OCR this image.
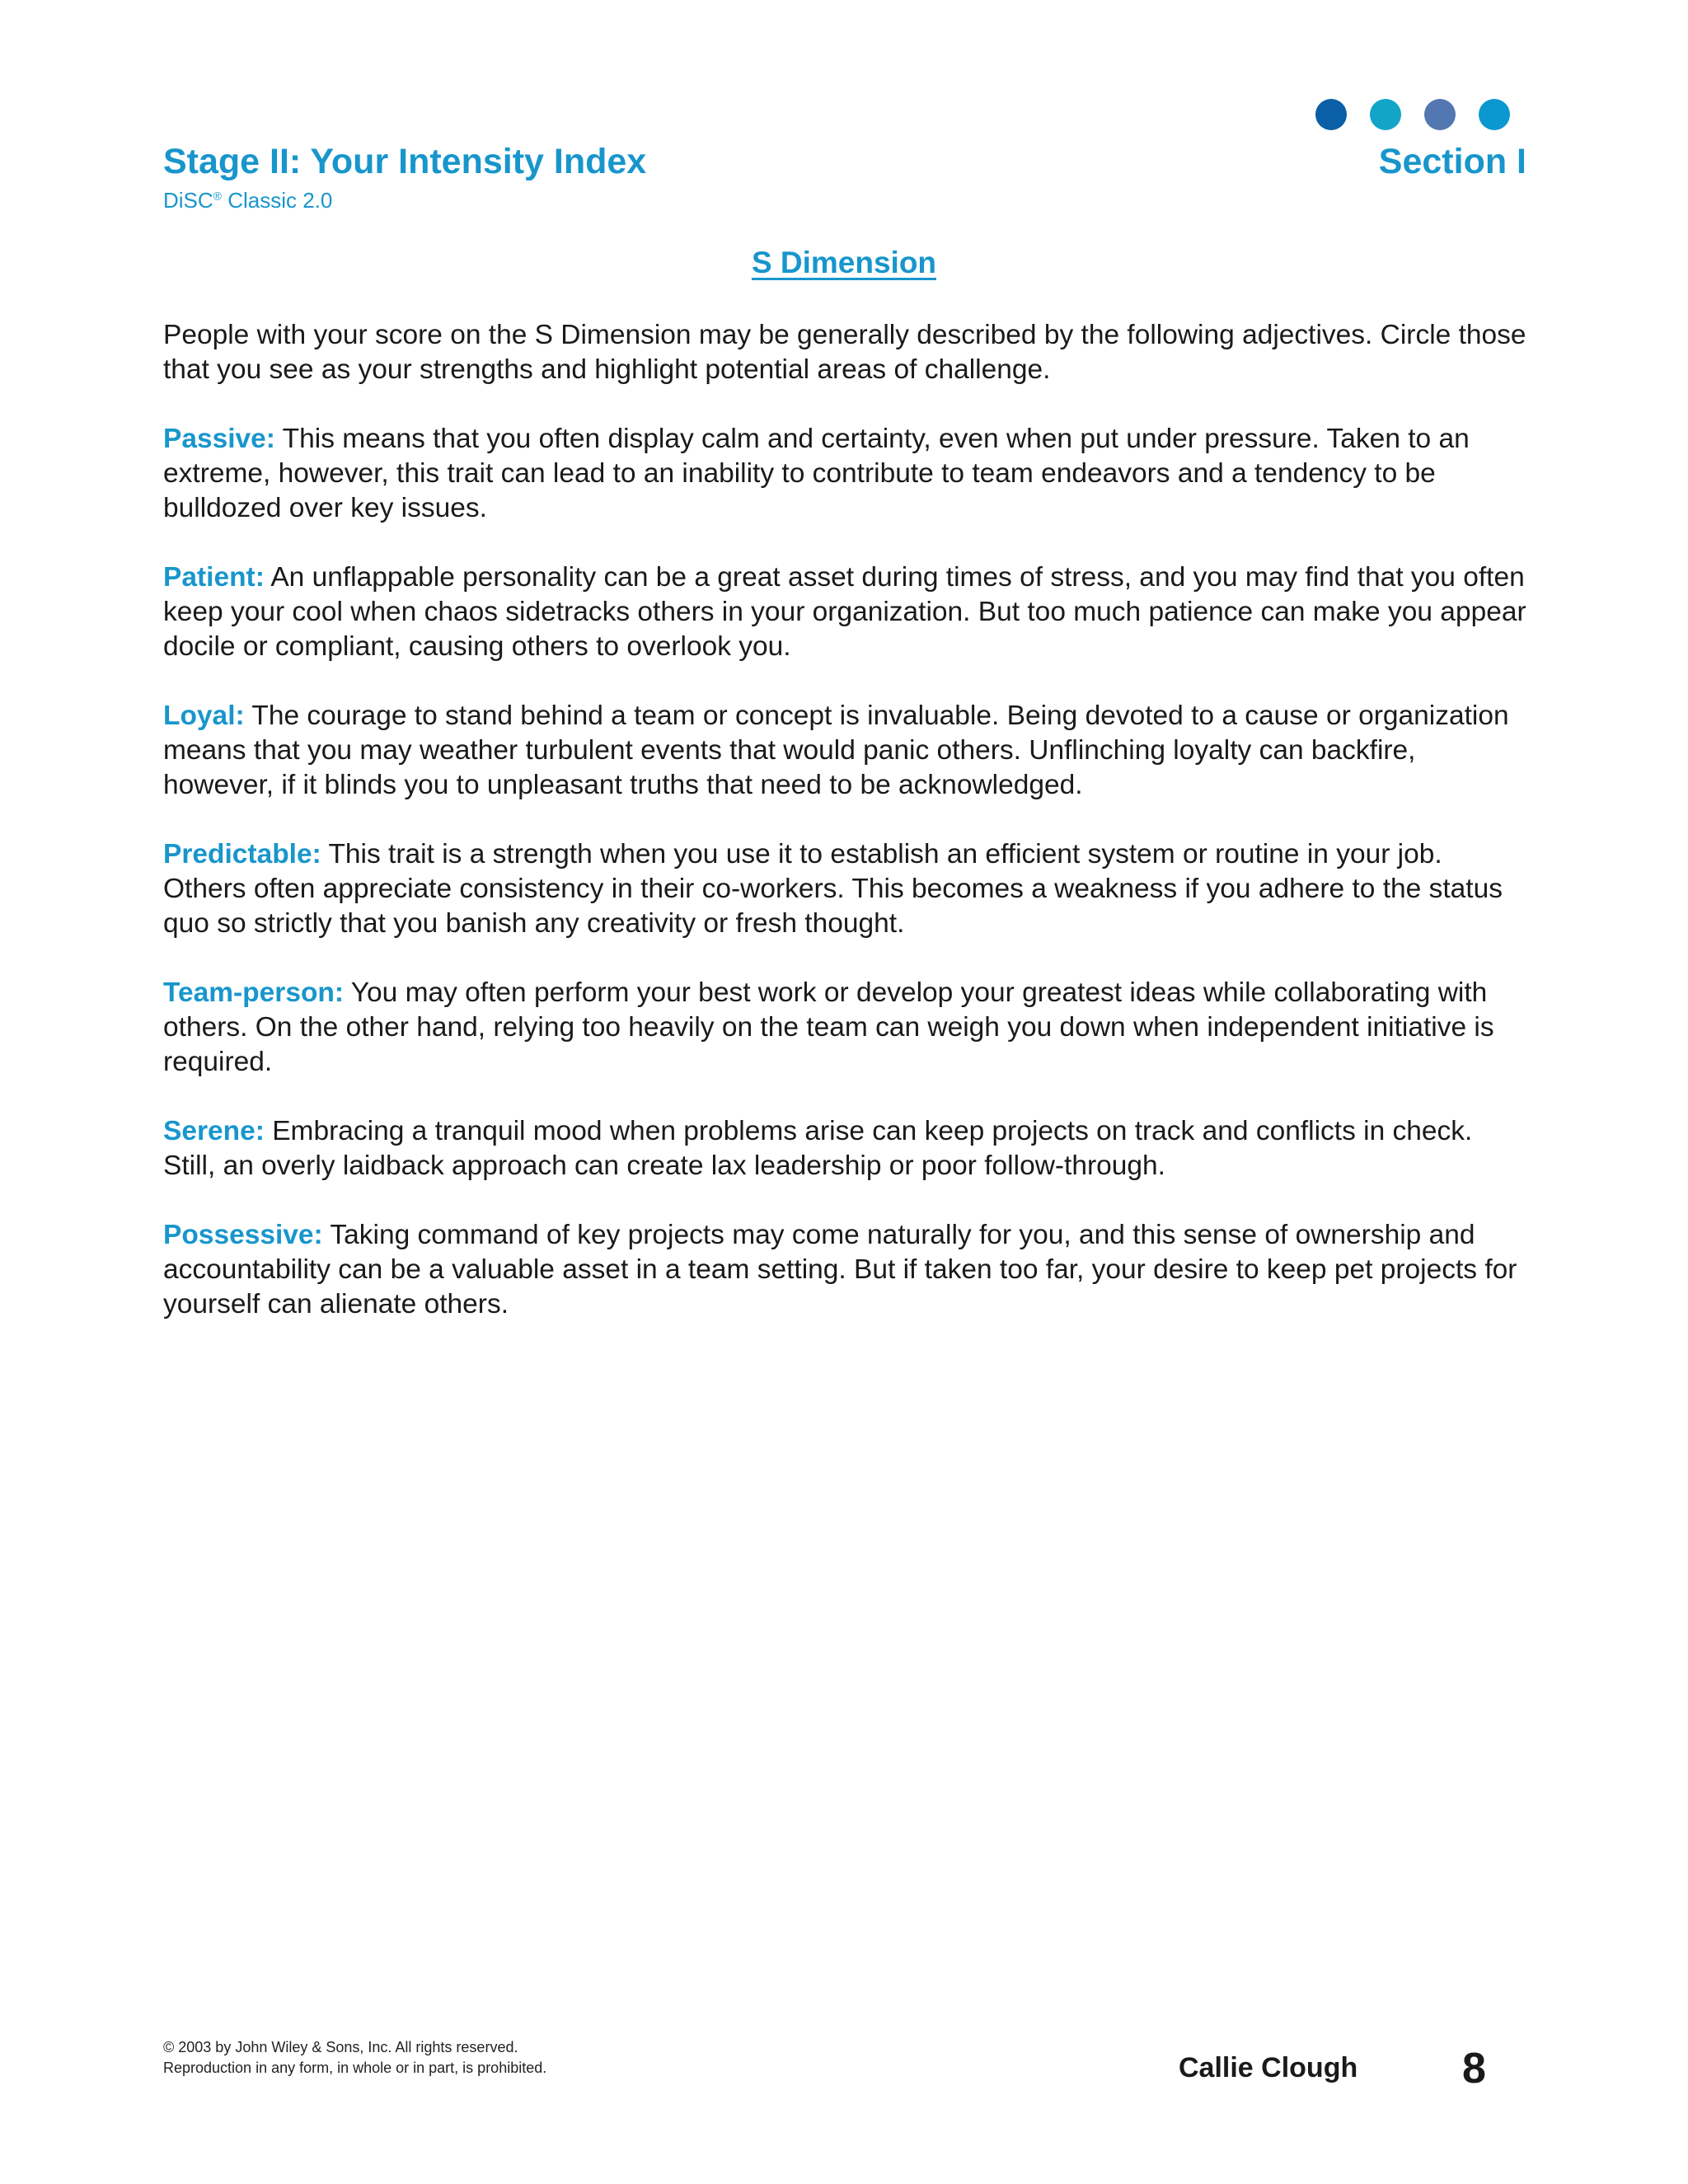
Stage II: Your Intensity Index
DiSC® Classic 2.0
Section I
S Dimension

People with your score on the S Dimension may be generally described by the following adjectives. Circle those that you see as your strengths and highlight potential areas of challenge.

Passive: This means that you often display calm and certainty, even when put under pressure. Taken to an extreme, however, this trait can lead to an inability to contribute to team endeavors and a tendency to be bulldozed over key issues.

Patient: An unflappable personality can be a great asset during times of stress, and you may find that you often keep your cool when chaos sidetracks others in your organization. But too much patience can make you appear docile or compliant, causing others to overlook you.

Loyal: The courage to stand behind a team or concept is invaluable. Being devoted to a cause or organization means that you may weather turbulent events that would panic others. Unflinching loyalty can backfire, however, if it blinds you to unpleasant truths that need to be acknowledged.

Predictable: This trait is a strength when you use it to establish an efficient system or routine in your job. Others often appreciate consistency in their co-workers. This becomes a weakness if you adhere to the status quo so strictly that you banish any creativity or fresh thought.

Team-person: You may often perform your best work or develop your greatest ideas while collaborating with others. On the other hand, relying too heavily on the team can weigh you down when independent initiative is required.

Serene: Embracing a tranquil mood when problems arise can keep projects on track and conflicts in check. Still, an overly laidback approach can create lax leadership or poor follow-through.

Possessive: Taking command of key projects may come naturally for you, and this sense of ownership and accountability can be a valuable asset in a team setting. But if taken too far, your desire to keep pet projects for yourself can alienate others.

© 2003 by John Wiley & Sons, Inc. All rights reserved.
Reproduction in any form, in whole or in part, is prohibited.	Callie Clough 8
